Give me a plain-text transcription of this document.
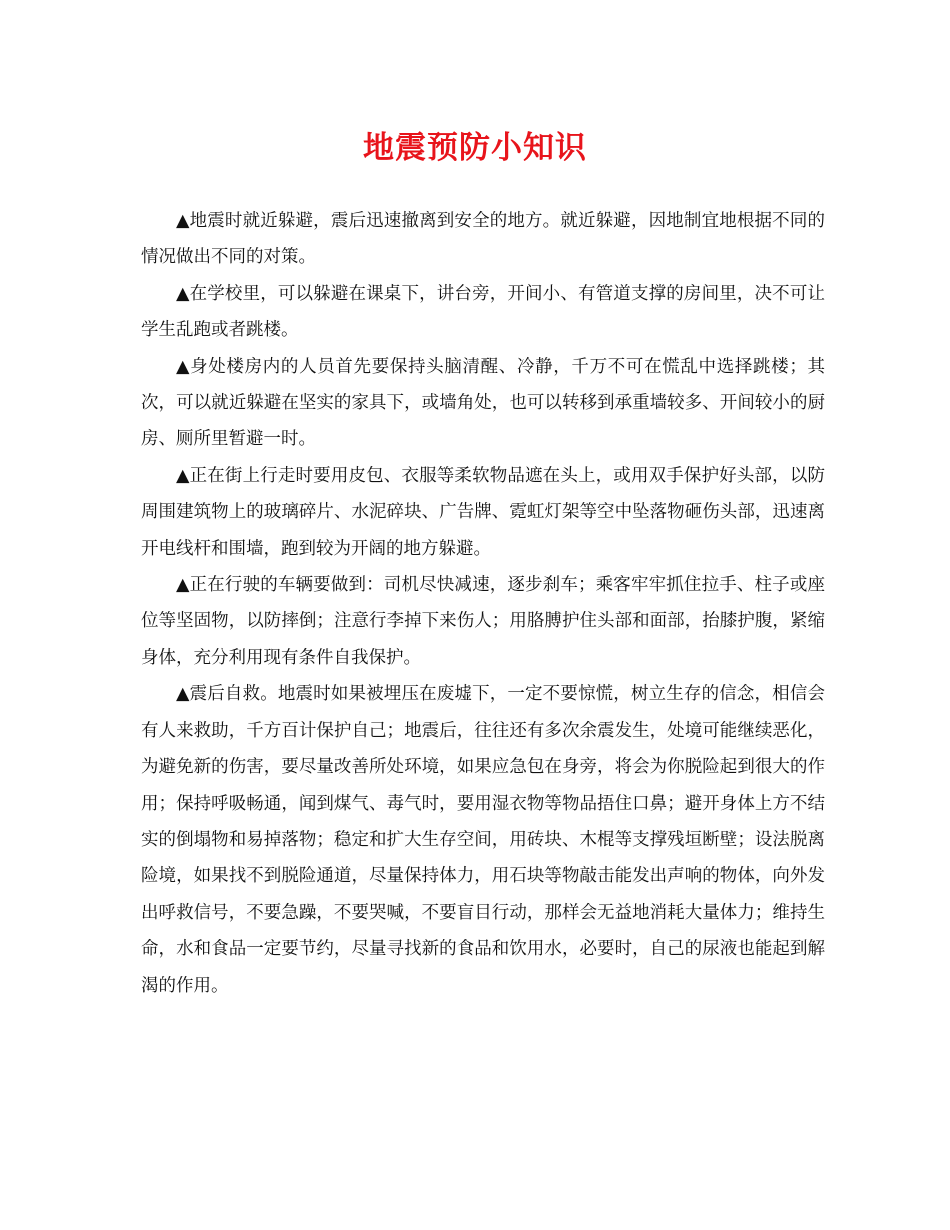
地震预防小知识

▲地震时就近躲避，震后迅速撤离到安全的地方。就近躲避，因地制宜地根据不同的情况做出不同的对策。

▲在学校里，可以躲避在课桌下，讲台旁，开间小、有管道支撑的房间里，决不可让学生乱跑或者跳楼。

▲身处楼房内的人员首先要保持头脑清醒、冷静，千万不可在慌乱中选择跳楼；其次，可以就近躲避在坚实的家具下，或墙角处，也可以转移到承重墙较多、开间较小的厨房、厕所里暂避一时。

▲正在街上行走时要用皮包、衣服等柔软物品遮在头上，或用双手保护好头部，以防周围建筑物上的玻璃碎片、水泥碎块、广告牌、霓虹灯架等空中坠落物砸伤头部，迅速离开电线杆和围墙，跑到较为开阔的地方躲避。

▲正在行驶的车辆要做到：司机尽快减速，逐步刹车；乘客牢牢抓住拉手、柱子或座位等坚固物，以防摔倒；注意行李掉下来伤人；用胳膊护住头部和面部，抬膝护腹，紧缩身体，充分利用现有条件自我保护。

▲震后自救。地震时如果被埋压在废墟下，一定不要惊慌，树立生存的信念，相信会有人来救助，千方百计保护自己；地震后，往往还有多次余震发生，处境可能继续恶化，为避免新的伤害，要尽量改善所处环境，如果应急包在身旁，将会为你脱险起到很大的作用；保持呼吸畅通，闻到煤气、毒气时，要用湿衣物等物品捂住口鼻；避开身体上方不结实的倒塌物和易掉落物；稳定和扩大生存空间，用砖块、木棍等支撑残垣断壁；设法脱离险境，如果找不到脱险通道，尽量保持体力，用石块等物敲击能发出声响的物体，向外发出呼救信号，不要急躁，不要哭喊，不要盲目行动，那样会无益地消耗大量体力；维持生命，水和食品一定要节约，尽量寻找新的食品和饮用水，必要时，自己的尿液也能起到解渴的作用。
